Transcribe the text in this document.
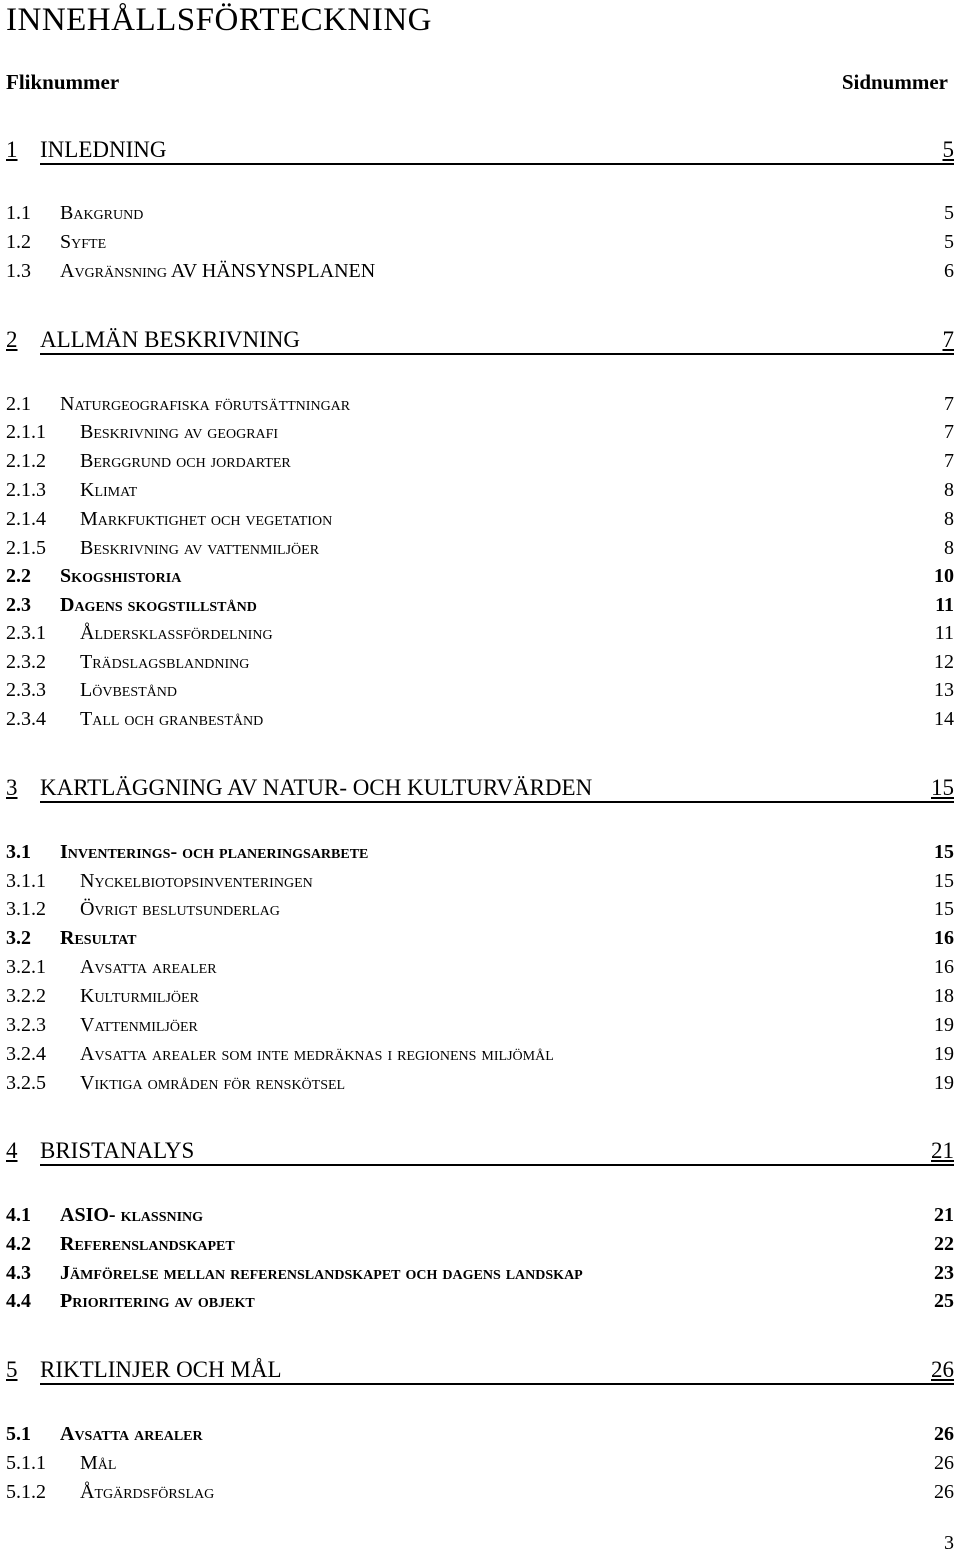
INNEHÅLLSFÖRTECKNING
Fliknummer	Sidnummer
1 INLEDNING	5
1.1	Bakgrund	5
1.2	Syfte	5
1.3	Avgränsning AV HÄNSYNSPLANEN	6
2 ALLMÄN BESKRIVNING	7
2.1	Naturgeografiska förutsättningar	7
2.1.1	Beskrivning av geografi	7
2.1.2	Berggrund och jordarter	7
2.1.3	Klimat	8
2.1.4	Markfuktighet och vegetation	8
2.1.5	Beskrivning av vattenmiljöer	8
2.2	Skogshistoria	10
2.3	Dagens skogstillstånd	11
2.3.1	Åldersklassfördelning	11
2.3.2	Trädslagsblandning	12
2.3.3	Lövbestånd	13
2.3.4	Tall och granbestånd	14
3 KARTLÄGGNING AV NATUR- OCH KULTURVÄRDEN	15
3.1	Inventerings- och planeringsarbete	15
3.1.1	Nyckelbiotopsinventeringen	15
3.1.2	Övrigt beslutsunderlag	15
3.2	Resultat	16
3.2.1	Avsatta arealer	16
3.2.2	Kulturmiljöer	18
3.2.3	Vattenmiljöer	19
3.2.4	Avsatta arealer som inte medräknas i regionens miljömål	19
3.2.5	Viktiga områden för renskötsel	19
4 BRISTANALYS	21
4.1	ASIO- klassning	21
4.2	Referenslandskapet	22
4.3	Jämförelse mellan referenslandskapet och dagens landskap	23
4.4	Prioritering av objekt	25
5 RIKTLINJER OCH MÅL	26
5.1	Avsatta arealer	26
5.1.1	Mål	26
5.1.2	Åtgärdsförslag	26
3
